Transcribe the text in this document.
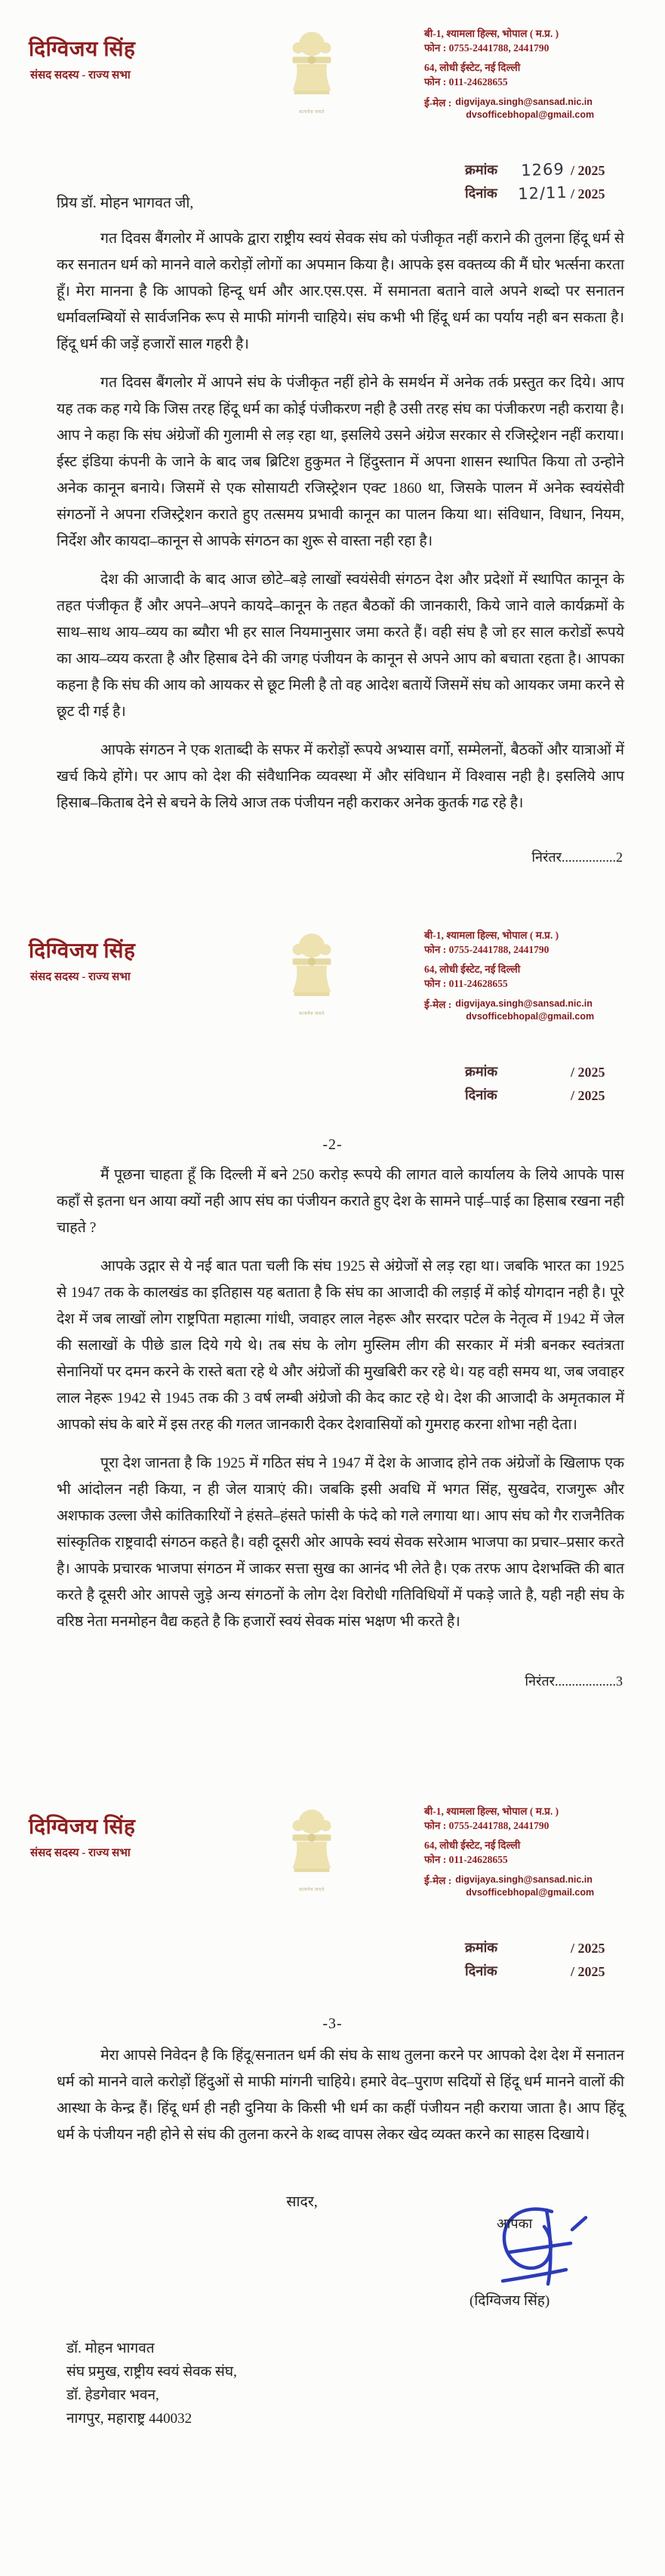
दिग्विजय सिंह
संसद सदस्य - राज्य सभा
सत्यमेव जयते
बी-1, श्यामला हिल्स, भोपाल ( म.प्र. )
फोन : 0755-2441788, 2441790
64, लोधी ईस्टेट, नई दिल्ली
फोन : 011-24628655
ई-मेल : digvijaya.singh@sansad.nic.in
dvsofficebhopal@gmail.com
क्रमांक	1269 / 2025
दिनांक	12/11 / 2025

प्रिय डॉ. मोहन भागवत जी,

गत दिवस बैंगलोर में आपके द्वारा राष्ट्रीय स्वयं सेवक संघ को पंजीकृत नहीं कराने की तुलना हिंदू धर्म से कर सनातन धर्म को मानने वाले करोड़ों लोगों का अपमान किया है। आपके इस वक्तव्य की मैं घोर भर्त्सना करता हूँ। मेरा मानना है कि आपको हिन्दू धर्म और आर.एस.एस. में समानता बताने वाले अपने शब्दो पर सनातन धर्मावलम्बियों से सार्वजनिक रूप से माफी मांगनी चाहिये। संघ कभी भी हिंदू धर्म का पर्याय नही बन सकता है। हिंदू धर्म की जड़ें हजारों साल गहरी है।

गत दिवस बैंगलोर में आपने संघ के पंजीकृत नहीं होने के समर्थन में अनेक तर्क प्रस्तुत कर दिये। आप यह तक कह गये कि जिस तरह हिंदू धर्म का कोई पंजीकरण नही है उसी तरह संघ का पंजीकरण नही कराया है। आप ने कहा कि संघ अंग्रेजों की गुलामी से लड़ रहा था, इसलिये उसने अंग्रेज सरकार से रजिस्ट्रेशन नहीं कराया। ईस्ट इंडिया कंपनी के जाने के बाद जब ब्रिटिश हुकुमत ने हिंदुस्तान में अपना शासन स्थापित किया तो उन्होने अनेक कानून बनाये। जिसमें से एक सोसायटी रजिस्ट्रेशन एक्ट 1860 था, जिसके पालन में अनेक स्वयंसेवी संगठनों ने अपना रजिस्ट्रेशन कराते हुए तत्समय प्रभावी कानून का पालन किया था। संविधान, विधान, नियम, निर्देश और कायदा–कानून से आपके संगठन का शुरू से वास्ता नही रहा है।

देश की आजादी के बाद आज छोटे–बड़े लाखों स्वयंसेवी संगठन देश और प्रदेशों में स्थापित कानून के तहत पंजीकृत हैं और अपने–अपने कायदे–कानून के तहत बैठकों की जानकारी, किये जाने वाले कार्यक्रमों के साथ–साथ आय–व्यय का ब्यौरा भी हर साल नियमानुसार जमा करते हैं। वही संघ है जो हर साल करोडों रूपये का आय–व्यय करता है और हिसाब देने की जगह पंजीयन के कानून से अपने आप को बचाता रहता है। आपका कहना है कि संघ की आय को आयकर से छूट मिली है तो वह आदेश बतायें जिसमें संघ को आयकर जमा करने से छूट दी गई है।

आपके संगठन ने एक शताब्दी के सफर में करोड़ों रूपये अभ्यास वर्गो, सम्मेलनों, बैठकों और यात्राओं में खर्च किये होंगे। पर आप को देश की संवैधानिक व्यवस्था में और संविधान में विश्वास नही है। इसलिये आप हिसाब–किताब देने से बचने के लिये आज तक पंजीयन नही कराकर अनेक कुतर्क गढ रहे है।

निरंतर................2
दिग्विजय सिंह
संसद सदस्य - राज्य सभा
सत्यमेव जयते
बी-1, श्यामला हिल्स, भोपाल ( म.प्र. )
फोन : 0755-2441788, 2441790
64, लोधी ईस्टेट, नई दिल्ली
फोन : 011-24628655
ई-मेल : digvijaya.singh@sansad.nic.in
dvsofficebhopal@gmail.com
क्रमांक	/ 2025
दिनांक	/ 2025
-2-

मैं पूछना चाहता हूँ कि दिल्ली में बने 250 करोड़ रूपये की लागत वाले कार्यालय के लिये आपके पास कहाँ से इतना धन आया क्यों नही आप संघ का पंजीयन कराते हुए देश के सामने पाई–पाई का हिसाब रखना नही चाहते ?

आपके उद्गार से ये नई बात पता चली कि संघ 1925 से अंग्रेजों से लड़ रहा था। जबकि भारत का 1925 से 1947 तक के कालखंड का इतिहास यह बताता है कि संघ का आजादी की लड़ाई में कोई योगदान नही है। पूरे देश में जब लाखों लोग राष्ट्रपिता महात्मा गांधी, जवाहर लाल नेहरू और सरदार पटेल के नेतृत्व में 1942 में जेल की सलाखों के पीछे डाल दिये गये थे। तब संघ के लोग मुस्लिम लीग की सरकार में मंत्री बनकर स्वतंत्रता सेनानियों पर दमन करने के रास्ते बता रहे थे और अंग्रेजों की मुखबिरी कर रहे थे। यह वही समय था, जब जवाहर लाल नेहरू 1942 से 1945 तक की 3 वर्ष लम्बी अंग्रेजो की केद काट रहे थे। देश की आजादी के अमृतकाल में आपको संघ के बारे में इस तरह की गलत जानकारी देकर देशवासियों को गुमराह करना शोभा नही देता।

पूरा देश जानता है कि 1925 में गठित संघ ने 1947 में देश के आजाद होने तक अंग्रेजों के खिलाफ एक भी आंदोलन नही किया, न ही जेल यात्राएं की। जबकि इसी अवधि में भगत सिंह, सुखदेव, राजगुरू और अशफाक उल्ला जैसे कांतिकारियों ने हंसते–हंसते फांसी के फंदे को गले लगाया था। आप संघ को गैर राजनैतिक सांस्कृतिक राष्ट्रवादी संगठन कहते है। वही दूसरी ओर आपके स्वयं सेवक सरेआम भाजपा का प्रचार–प्रसार करते है। आपके प्रचारक भाजपा संगठन में जाकर सत्ता सुख का आनंद भी लेते है। एक तरफ आप देशभक्ति की बात करते है दूसरी ओर आपसे जुड़े अन्य संगठनों के लोग देश विरोधी गतिविधियों में पकड़े जाते है, यही नही संघ के वरिष्ठ नेता मनमोहन वैद्य कहते है कि हजारों स्वयं सेवक मांस भक्षण भी करते है।

निरंतर..................3
दिग्विजय सिंह
संसद सदस्य - राज्य सभा
सत्यमेव जयते
बी-1, श्यामला हिल्स, भोपाल ( म.प्र. )
फोन : 0755-2441788, 2441790
64, लोधी ईस्टेट, नई दिल्ली
फोन : 011-24628655
ई-मेल : digvijaya.singh@sansad.nic.in
dvsofficebhopal@gmail.com
क्रमांक	/ 2025
दिनांक	/ 2025
-3-

मेरा आपसे निवेदन है कि हिंदू/सनातन धर्म की संघ के साथ तुलना करने पर आपको देश देश में सनातन धर्म को मानने वाले करोड़ों हिंदुओं से माफी मांगनी चाहिये। हमारे वेद–पुराण सदियों से हिंदू धर्म मानने वालों की आस्था के केन्द्र हैं। हिंदू धर्म ही नही दुनिया के किसी भी धर्म का कहीं पंजीयन नही कराया जाता है। आप हिंदू धर्म के पंजीयन नही होने से संघ की तुलना करने के शब्द वापस लेकर खेद व्यक्त करने का साहस दिखाये।

सादर,
आपका
(दिग्विजय सिंह)
डॉ. मोहन भागवत
संघ प्रमुख, राष्ट्रीय स्वयं सेवक संघ,
डॉ. हेडगेवार भवन,
नागपुर, महाराष्ट्र 440032
